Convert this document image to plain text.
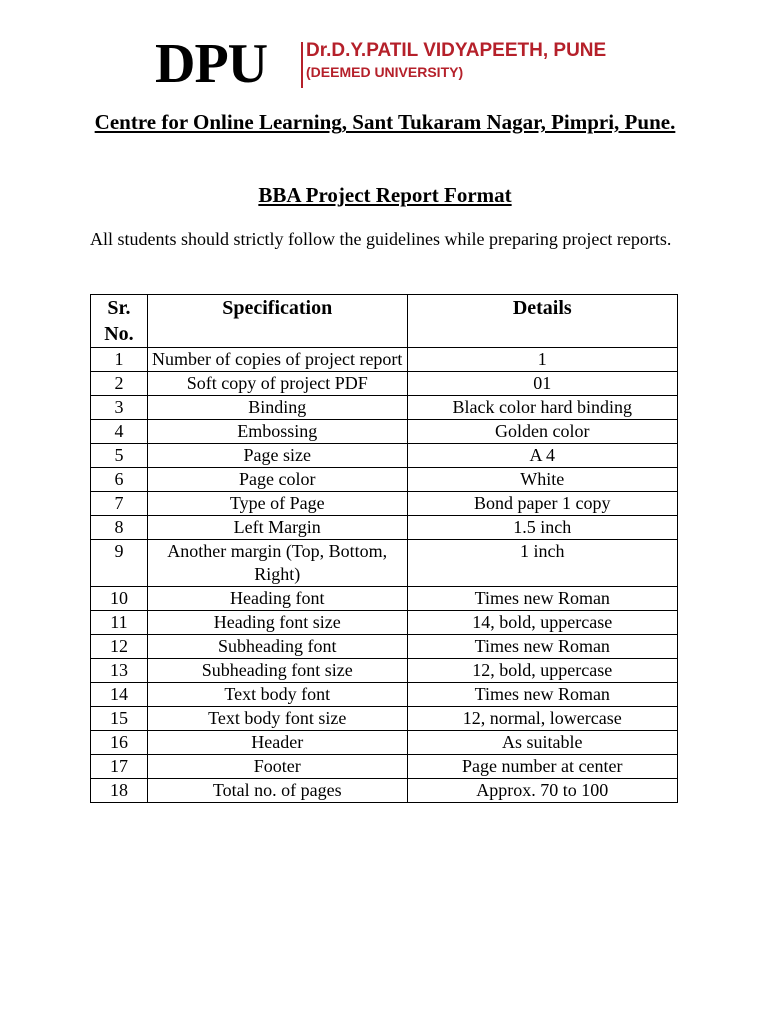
DPU Dr.D.Y.PATIL VIDYAPEETH, PUNE
(DEEMED UNIVERSITY)
Centre for Online Learning, Sant Tukaram Nagar, Pimpri, Pune.
BBA Project Report Format
All students should strictly follow the guidelines while preparing project reports.
Sr. No.	Specification	Details
1	Number of copies of project report	1
2	Soft copy of project PDF	01
3	Binding	Black color hard binding
4	Embossing	Golden color
5	Page size	A 4
6	Page color	White
7	Type of Page	Bond paper 1 copy
8	Left Margin	1.5 inch
9	Another margin (Top, Bottom, Right)	1 inch
10	Heading font	Times new Roman
11	Heading font size	14, bold, uppercase
12	Subheading font	Times new Roman
13	Subheading font size	12, bold, uppercase
14	Text body font	Times new Roman
15	Text body font size	12, normal, lowercase
16	Header	As suitable
17	Footer	Page number at center
18	Total no. of pages	Approx. 70 to 100
